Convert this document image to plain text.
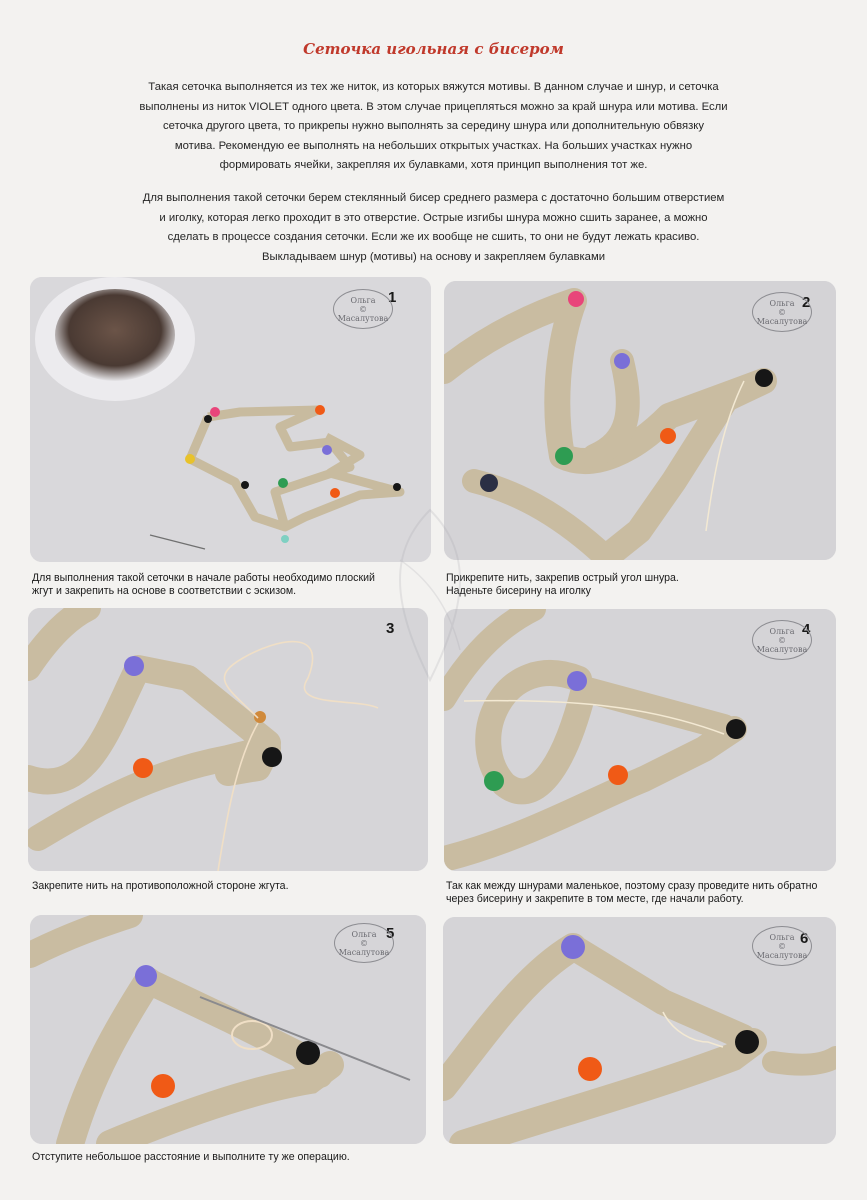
Сеточка игольная с бисером
Такая сеточка выполняется из тех же ниток, из которых вяжутся мотивы. В данном случае и шнур, и сеточка
выполнены из ниток VIOLET одного цвета. В этом случае прицепляться можно за край шнура или мотива. Если
сеточка другого цвета, то прикрепы нужно выполнять за середину шнура или дополнительную обвязку
мотива. Рекомендую ее выполнять на небольших открытых участках. На больших участках нужно
формировать ячейки, закрепляя их булавками, хотя принцип выполнения тот же.
Для выполнения такой сеточки берем стеклянный бисер среднего размера с достаточно большим отверстием
и иголку, которая легко проходит в это отверстие. Острые изгибы шнура можно сшить заранее, а можно
сделать в процессе создания сеточки. Если же их вообще не сшить, то они не будут лежать красиво.
Выкладываем шнур (мотивы) на основу и закрепляем булавками
1
Ольга
©
Масалутова
2
Ольга
©
Масалутова
Для выполнения такой сеточки в начале работы необходимо плоский
жгут и закрепить на основе в соответствии с эскизом.
Прикрепите нить, закрепив острый угол шнура.
Наденьте бисерину на иголку
3	4
Ольга
©
Масалутова
Закрепите нить на противоположной стороне жгута.	Так как между шнурами маленькое, поэтому сразу проведите нить обратно
через бисерину и закрепите в том месте, где начали работу.
5
Ольга
©
Масалутова
6
Ольга
©
Масалутова
Отступите небольшое расстояние и выполните ту же операцию.
